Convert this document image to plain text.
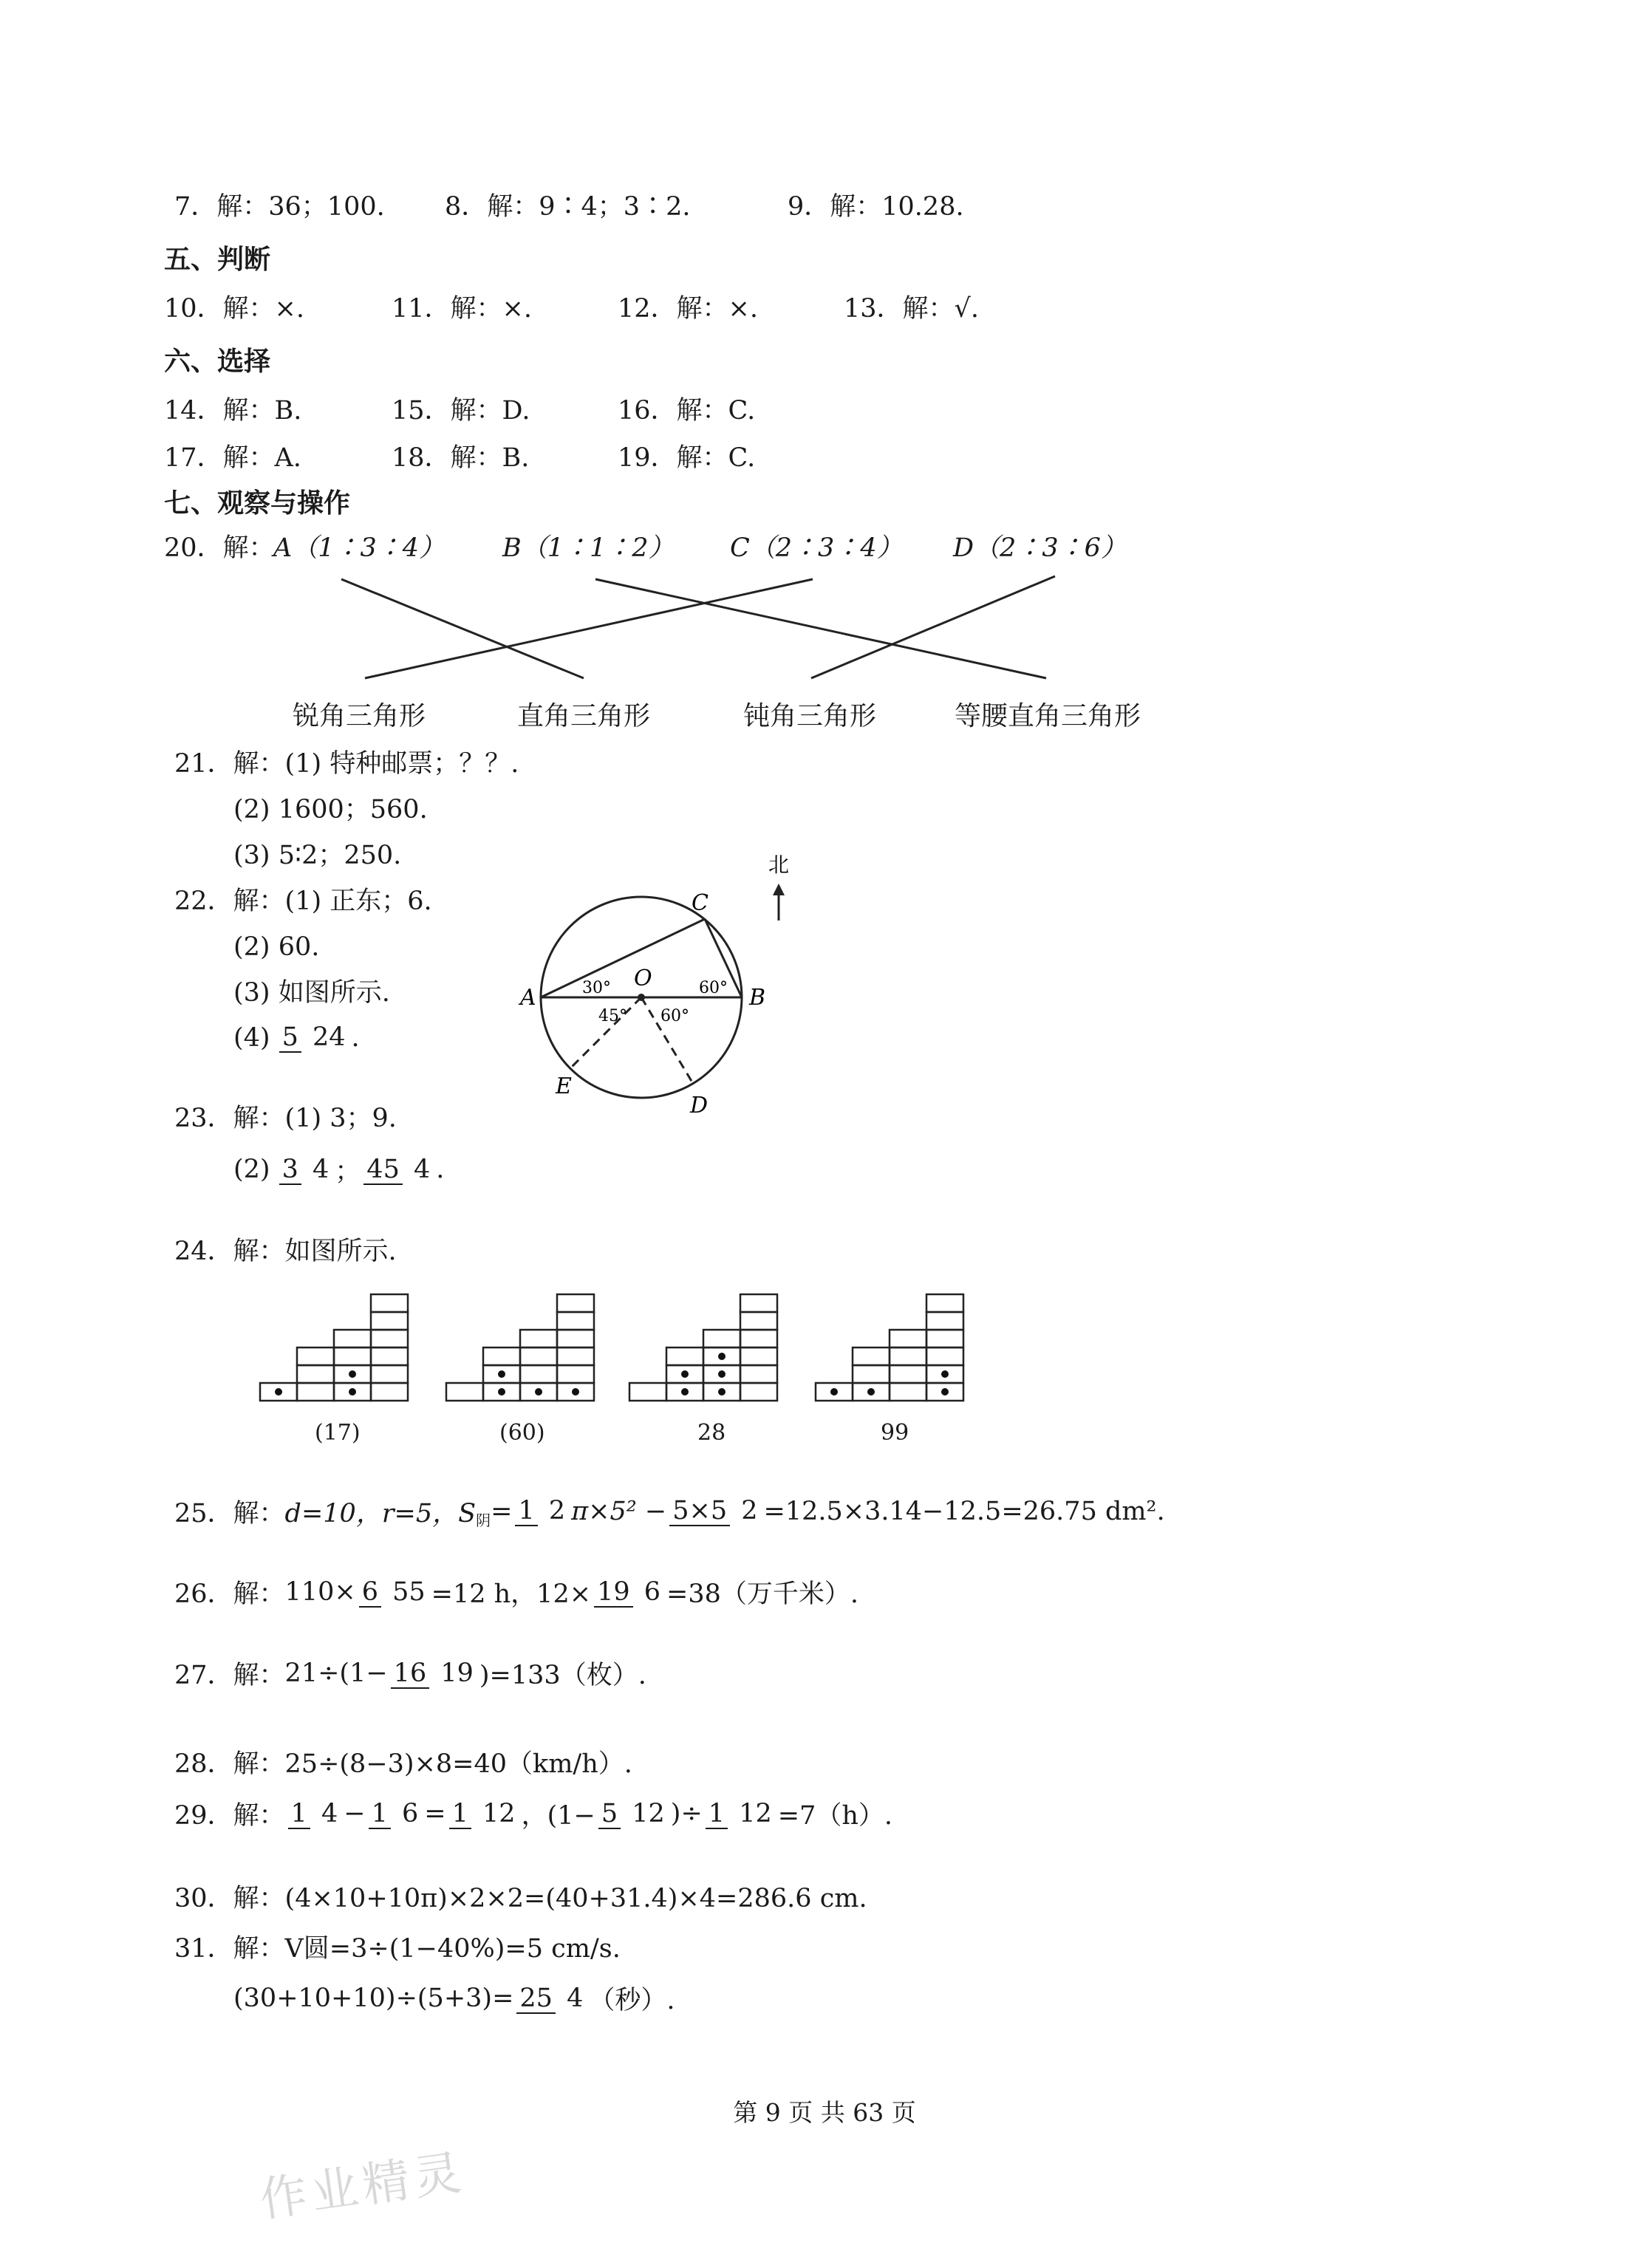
7．解：36；100. 8．解：9∶4；3∶2.	9．解：10.28.
五、判断
10．解：×.	11．解：×.	12．解：×.	13．解：√.
六、选择
14．解：B.	15．解：D.	16．解：C.
17．解：A.	18．解：B.	19．解：C.
七、观察与操作
20．解：
A（1∶3∶4） B（1∶1∶2） C（2∶3∶4） D（2∶3∶6）
锐角三角形	直角三角形	钝角三角形	等腰直角三角形
21．解：(1) 特种邮票；？？.
(2) 1600；560.
(3) 5∶2；250.
22．解：(1) 正东；6.
(2) 60.
(3) 如图所示.
(4) 5 24 .
北
A	B
C
O
E
D
30°	60°
45° 60°
23．解：(1) 3；9.
(2) 3 4 ； 45 4 .
24．解：如图所示.
(17)	(60)	28	99
25．解： d=10，r=5，S 阴 = 1 2 π×5² − 5×5 2 =12.5×3.14−12.5=26.75 dm².
26．解： 110× 6 55 =12 h，12× 19 6 =38（万千米）.
27．解： 21÷(1− 16 19 )=133（枚）.
28．解：25÷(8−3)×8=40（km/h）.
29．解： 1 4 − 1 6 = 1 12 ，(1− 5 12 )÷ 1 12 =7（h）.
30．解：(4×10+10π)×2×2=(40+31.4)×4=286.6 cm.
31．解：V圆=3÷(1−40%)=5 cm/s.
(30+10+10)÷(5+3)= 25 4 （秒）.
作业精灵
第 9 页 共 63 页
